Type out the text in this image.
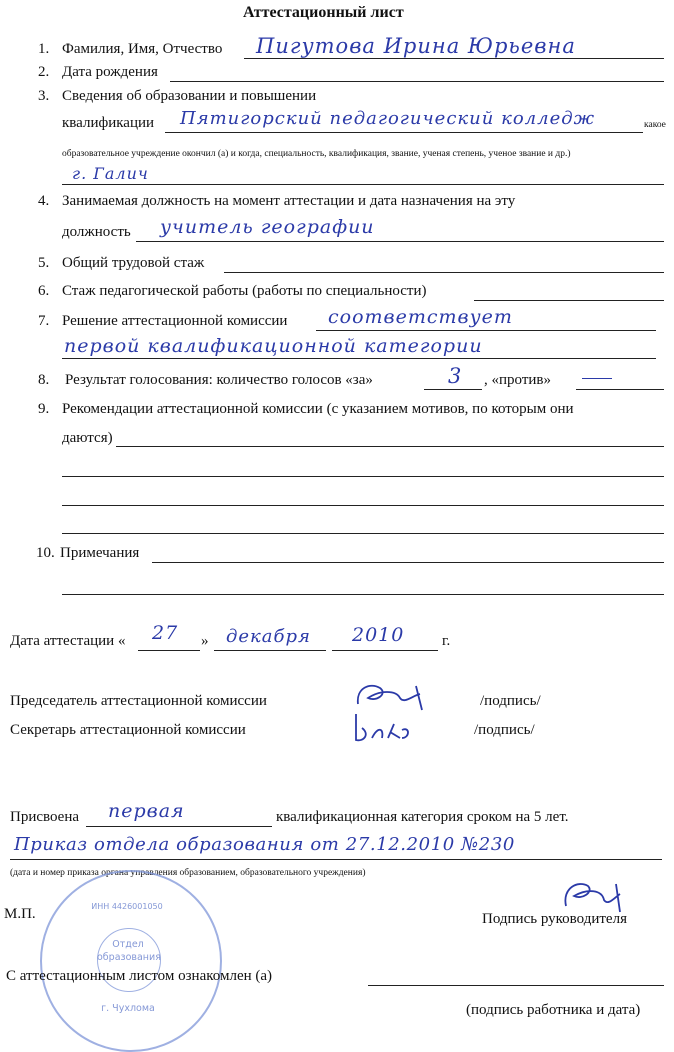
Аттестационный лист
1. Фамилия, Имя, Отчество Пигутова Ирина Юрьевна
2. Дата рождения
3. Сведения об образовании и повышении
квалификации Пятигорский педагогический колледж	какое
образовательное учреждение окончил (а) и когда, специальность, квалификация, звание, ученая степень, ученое звание и др.)
г. Галич
4. Занимаемая должность на момент аттестации и дата назначения на эту
должность учитель географии
5. Общий трудовой стаж
6. Стаж педагогической работы (работы по специальности)
7. Решение аттестационной комиссии соответствует
первой квалификационной категории
8. Результат голосования: количество голосов «за»	3 , «против»
9. Рекомендации аттестационной комиссии (с указанием мотивов, по которым они
даются)
10. Примечания
Дата аттестации « 27 » декабря 2010	г.
Председатель аттестационной комиссии	/подпись/
Секретарь аттестационной комиссии	/подпись/
Присвоена первая	квалификационная категория сроком на 5 лет.
Приказ отдела образования от 27.12.2010 №230
(дата и номер приказа органа управления образованием, образовательного учреждения)
Отдел образования
г. Чухлома
ИНН 4426001050
М.П.	Подпись руководителя
С аттестационным листом ознакомлен (а)
(подпись работника и дата)
